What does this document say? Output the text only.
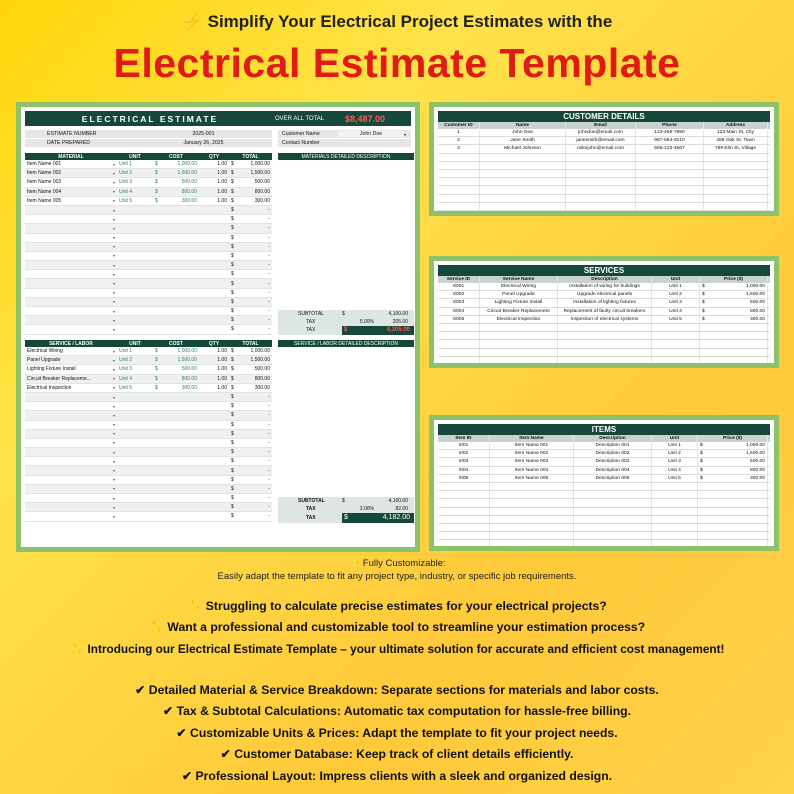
⚡ Simplify Your Electrical Project Estimates with the
Electrical Estimate Template
ELECTRICAL ESTIMATE	OVER ALL TOTAL	$8,487.00
ESTIMATE NUMBER	2025-001
DATE PREPARED	January 26, 2025
Customer Name	John Doe	▾
Contact Number
MATERIAL	UNIT	COST	QTY	TOTAL
Item Name 001	▾ Unit 1	$	1,000.00	1.00 $	1,000.00
Item Name 002	▾ Unit 2	$	1,500.00	1.00 $	1,500.00
Item Name 003	▾ Unit 3	$	500.00	1.00 $	500.00
Item Name 004	▾ Unit 4	$	800.00	1.00 $	800.00
Item Name 005	▾ Unit 5	$	300.00	1.00 $	300.00
▾	$	-
▾	$	-
▾	$	-
▾	$	-
▾	$	-
▾	$	-
▾	$	-
▾	$	-
▾	$	-
▾	$	-
▾	$	-
▾	$	-
▾	$	-
▾	$	-
MATERIALS DETAILED DESCRIPTION
SUBTOTAL	$	4,100.00
TAX	5.00%	205.00
TAX	$	4,305.00
SERVICE / LABOR	UNIT	COST	QTY	TOTAL
Electrical Wiring	▾ Unit 1	$	1,000.00	1.00 $	1,000.00
Panel Upgrade	▾ Unit 2	$	1,500.00	1.00 $	1,500.00
Lighting Fixture Install	▾ Unit 3	$	500.00	1.00 $	500.00
Circuit Breaker Replaceme...	▾ Unit 4	$	800.00	1.00 $	800.00
Electrical Inspection	▾ Unit 5	$	300.00	1.00 $	300.00
▾	$	-
▾	$	-
▾	$	-
▾	$	-
▾	$	-
▾	$	-
▾	$	-
▾	$	-
▾	$	-
▾	$	-
▾	$	-
▾	$	-
▾	$	-
▾	$	-
SERVICE / LABOR DETAILED DESCRIPTION
SUBTOTAL	$	4,100.00
TAX	2.00%	82.00
TAX	$	4,182.00
CUSTOMER DETAILS
Customer ID	Name	Email	Phone	Address
1	John Doe	johndoe@email.com	123-456-7890	123 Main St, City
2	Jane Smith	janesmith@email.com	987-654-3210	456 Oak St, Town
3	Michael Johnson	mikejohn@email.com	555-123-4567	789 Elm St, Village
SERVICES
Service ID	Service Name	Description	Unit	Price ($)
S001	Electrical Wiring	Installation of wiring for buildings	Unit 1	$	1,000.00
S002	Panel Upgrade	Upgrade electrical panels	Unit 2	$	1,500.00
S003	Lighting Fixture Install	Installation of lighting fixtures	Unit 3	$	500.00
S004	Circuit Breaker Replacement	Replacement of faulty circuit breakers	Unit 4	$	800.00
S005	Electrical Inspection	Inspection of electrical systems	Unit 5	$	300.00
ITEMS
Item ID	Item Name	Description	Unit	Price ($)
I001	Item Name 001	Description 001	Unit 1	$	1,000.00
I002	Item Name 002	Description 002	Unit 2	$	1,500.00
I003	Item Name 003	Description 003	Unit 3	$	500.00
I004	Item Name 004	Description 004	Unit 4	$	800.00
I005	Item Name 005	Description 005	Unit 5	$	300.00
⭐ Fully Customizable:
Easily adapt the template to fit any project type, industry, or specific job requirements.
✨ Struggling to calculate precise estimates for your electrical projects?
✨ Want a professional and customizable tool to streamline your estimation process?
✨ Introducing our Electrical Estimate Template – your ultimate solution for accurate and efficient cost management!
✔ Detailed Material & Service Breakdown: Separate sections for materials and labor costs.
✔ Tax & Subtotal Calculations: Automatic tax computation for hassle-free billing.
✔ Customizable Units & Prices: Adapt the template to fit your project needs.
✔ Customer Database: Keep track of client details efficiently.
✔ Professional Layout: Impress clients with a sleek and organized design.
